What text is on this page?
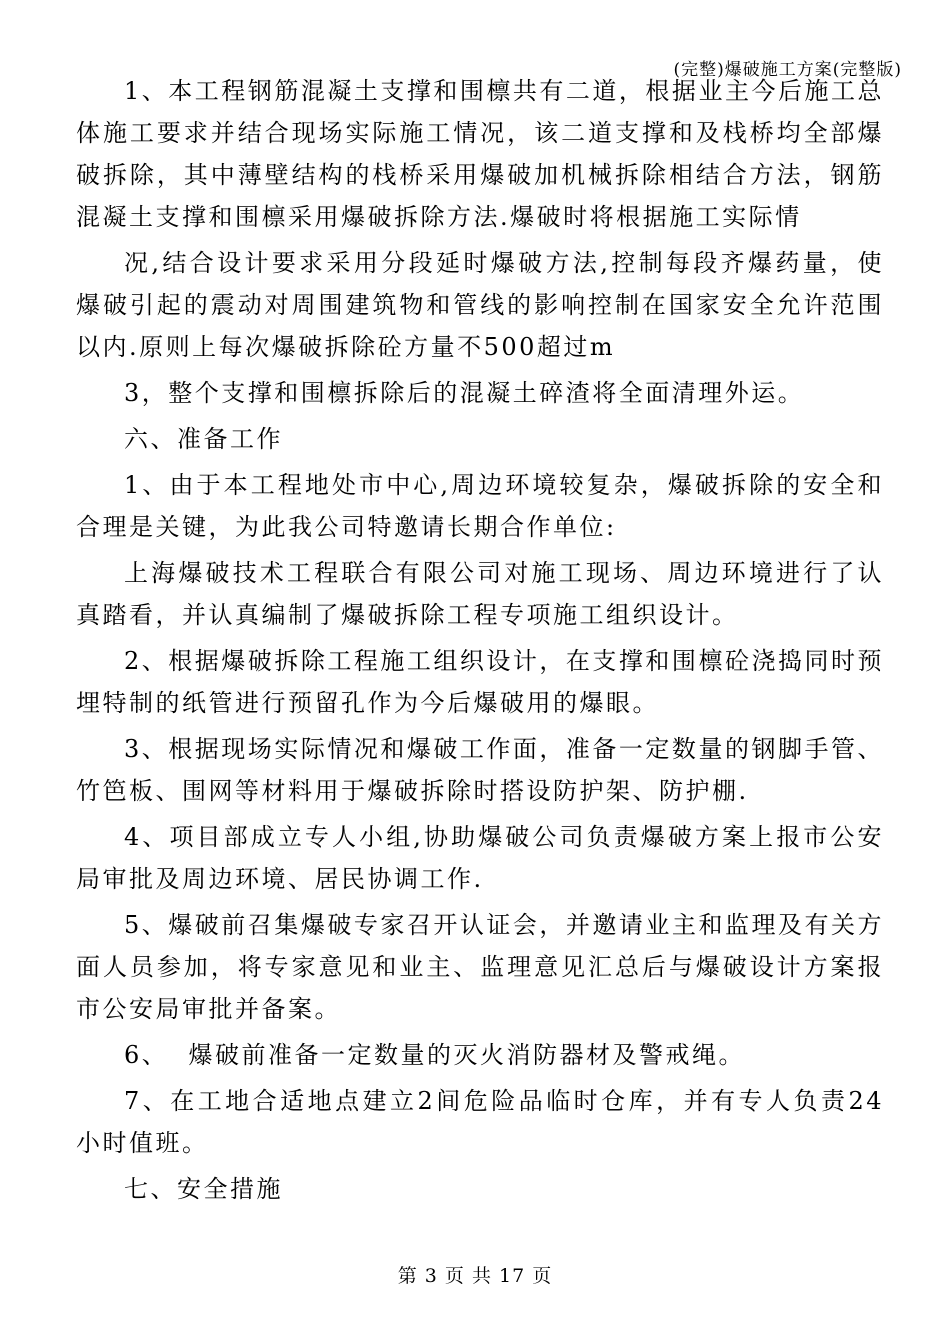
(完整)爆破施工方案(完整版)

1、本工程钢筋混凝土支撑和围檩共有二道，根据业主今后施工总体施工要求并结合现场实际施工情况，该二道支撑和及栈桥均全部爆破拆除，其中薄壁结构的栈桥采用爆破加机械拆除相结合方法，钢筋混凝土支撑和围檩采用爆破拆除方法.爆破时将根据施工实际情

况,结合设计要求采用分段延时爆破方法,控制每段齐爆药量，使爆破引起的震动对周围建筑物和管线的影响控制在国家安全允许范围以内.原则上每次爆破拆除砼方量不500超过m

3，整个支撑和围檩拆除后的混凝土碎渣将全面清理外运。

六、准备工作

1、由于本工程地处市中心,周边环境较复杂，爆破拆除的安全和合理是关键，为此我公司特邀请长期合作单位:

上海爆破技术工程联合有限公司对施工现场、周边环境进行了认真踏看，并认真编制了爆破拆除工程专项施工组织设计。

2、根据爆破拆除工程施工组织设计，在支撑和围檩砼浇捣同时预埋特制的纸管进行预留孔作为今后爆破用的爆眼。

3、根据现场实际情况和爆破工作面，准备一定数量的钢脚手管、竹笆板、围网等材料用于爆破拆除时搭设防护架、防护棚.

4、项目部成立专人小组,协助爆破公司负责爆破方案上报市公安局审批及周边环境、居民协调工作.

5、爆破前召集爆破专家召开认证会，并邀请业主和监理及有关方面人员参加，将专家意见和业主、监理意见汇总后与爆破设计方案报市公安局审批并备案。

6、  爆破前准备一定数量的灭火消防器材及警戒绳。

7、在工地合适地点建立2间危险品临时仓库，并有专人负责24小时值班。

七、安全措施

第 3 页 共 17 页
